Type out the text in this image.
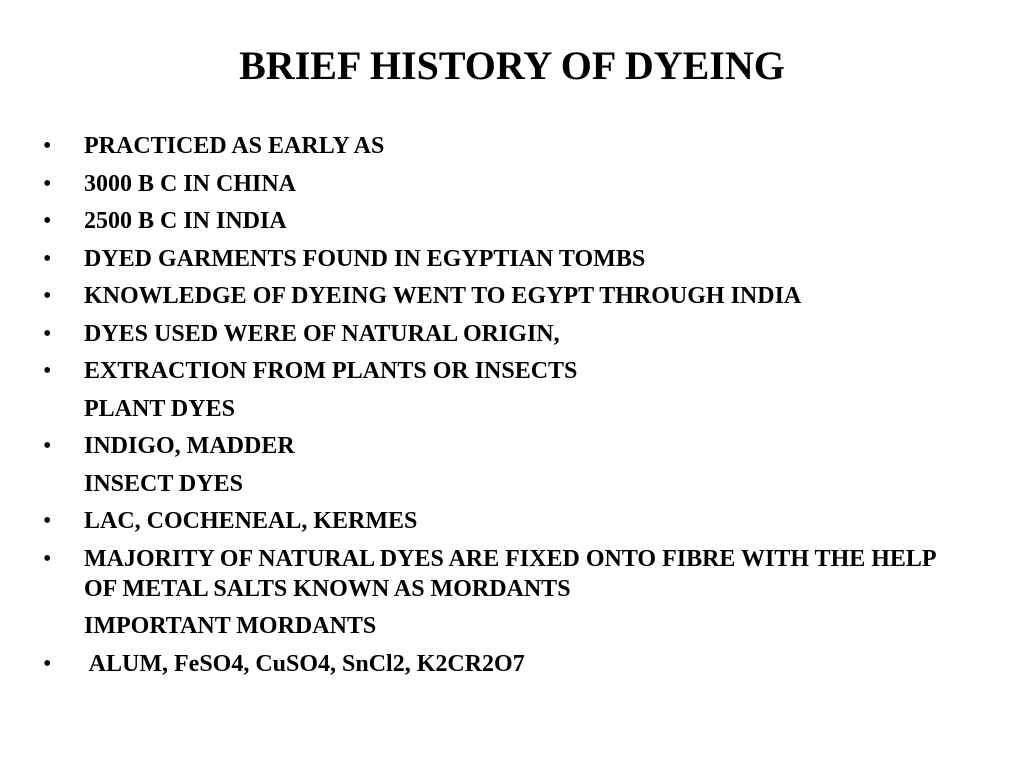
BRIEF HISTORY OF DYEING
•	PRACTICED AS EARLY AS
•	3000 B C IN CHINA
•	2500 B C IN INDIA
•	DYED GARMENTS FOUND IN EGYPTIAN TOMBS
•	KNOWLEDGE OF DYEING WENT TO EGYPT THROUGH INDIA
•	DYES USED WERE OF NATURAL ORIGIN,
•	EXTRACTION FROM PLANTS OR INSECTS
PLANT DYES
•	INDIGO, MADDER
INSECT DYES
•	LAC, COCHENEAL, KERMES
•	MAJORITY OF NATURAL DYES ARE FIXED ONTO FIBRE WITH THE HELP OF METAL SALTS KNOWN AS MORDANTS
IMPORTANT MORDANTS
•	ALUM, FeSO4, CuSO4, SnCl2, K2CR2O7
